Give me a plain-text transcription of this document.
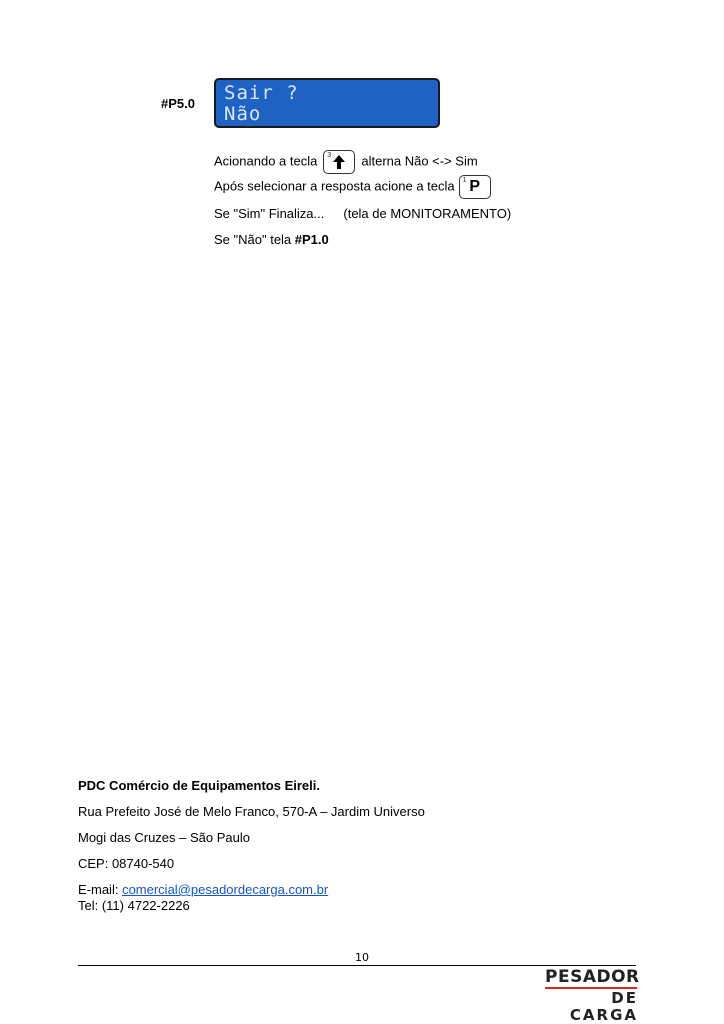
#P5.0 Sair ?
Não
Acionando a tecla 3 alterna Não <-> Sim
Após selecionar a resposta acione a tecla 1 P
Se "Sim" Finaliza... (tela de MONITORAMENTO)
Se "Não" tela #P1.0
PDC Comércio de Equipamentos Eireli.
Rua Prefeito José de Melo Franco, 570-A – Jardim Universo
Mogi das Cruzes – São Paulo
CEP: 08740-540
E-mail: comercial@pesadordecarga.com.br
Tel: (11) 4722-2226
10
PESADOR
DE CARGA
